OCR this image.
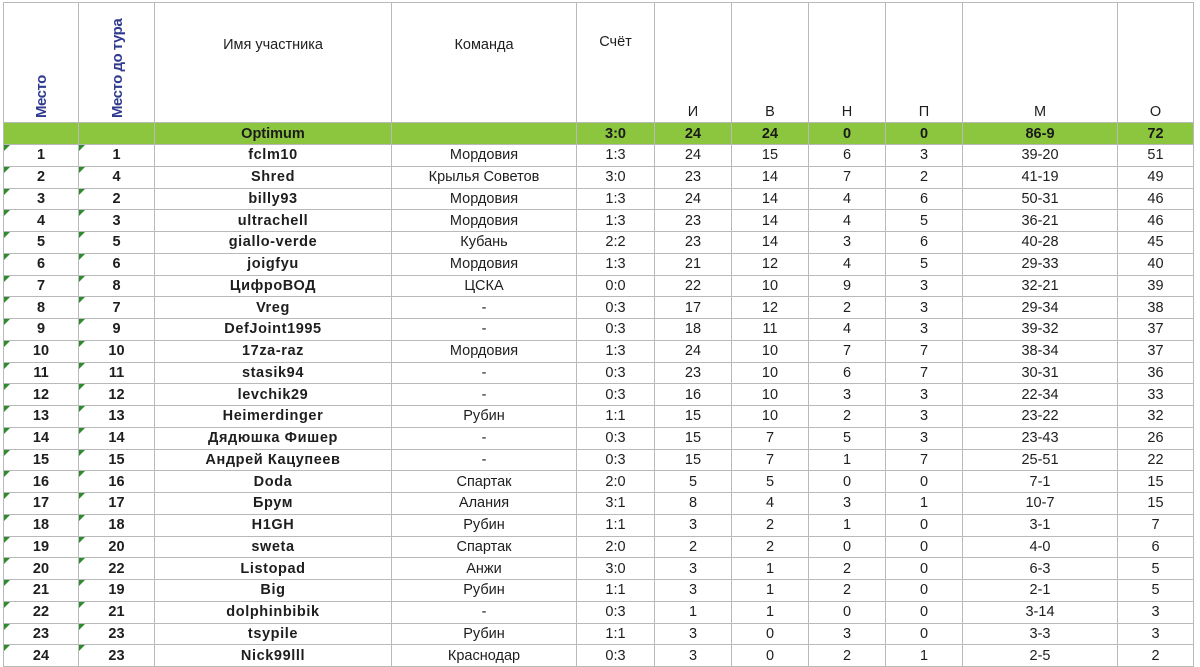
Место	Место до тура	Имя участника	Команда	Счёт	И	В	Н	П	М	О
		Optimum		3:0	24	24	0	0	86-9	72
1	1	fclm10	Мордовия	1:3	24	15	6	3	39-20	51
2	4	Shred	Крылья Советов	3:0	23	14	7	2	41-19	49
3	2	billy93	Мордовия	1:3	24	14	4	6	50-31	46
4	3	ultrachell	Мордовия	1:3	23	14	4	5	36-21	46
5	5	giallo-verde	Кубань	2:2	23	14	3	6	40-28	45
6	6	joigfyu	Мордовия	1:3	21	12	4	5	29-33	40
7	8	ЦифроВОД	ЦСКА	0:0	22	10	9	3	32-21	39
8	7	Vreg	-	0:3	17	12	2	3	29-34	38
9	9	DefJoint1995	-	0:3	18	11	4	3	39-32	37
10	10	17za-raz	Мордовия	1:3	24	10	7	7	38-34	37
11	11	stasik94	-	0:3	23	10	6	7	30-31	36
12	12	levchik29	-	0:3	16	10	3	3	22-34	33
13	13	Heimerdinger	Рубин	1:1	15	10	2	3	23-22	32
14	14	Дядюшка Фишер	-	0:3	15	7	5	3	23-43	26
15	15	Андрей Кацупеев	-	0:3	15	7	1	7	25-51	22
16	16	Doda	Спартак	2:0	5	5	0	0	7-1	15
17	17	Брум	Алания	3:1	8	4	3	1	10-7	15
18	18	H1GH	Рубин	1:1	3	2	1	0	3-1	7
19	20	sweta	Спартак	2:0	2	2	0	0	4-0	6
20	22	Listopad	Анжи	3:0	3	1	2	0	6-3	5
21	19	Big	Рубин	1:1	3	1	2	0	2-1	5
22	21	dolphinbibik	-	0:3	1	1	0	0	3-14	3
23	23	tsypile	Рубин	1:1	3	0	3	0	3-3	3
24	23	Nick99lll	Краснодар	0:3	3	0	2	1	2-5	2
